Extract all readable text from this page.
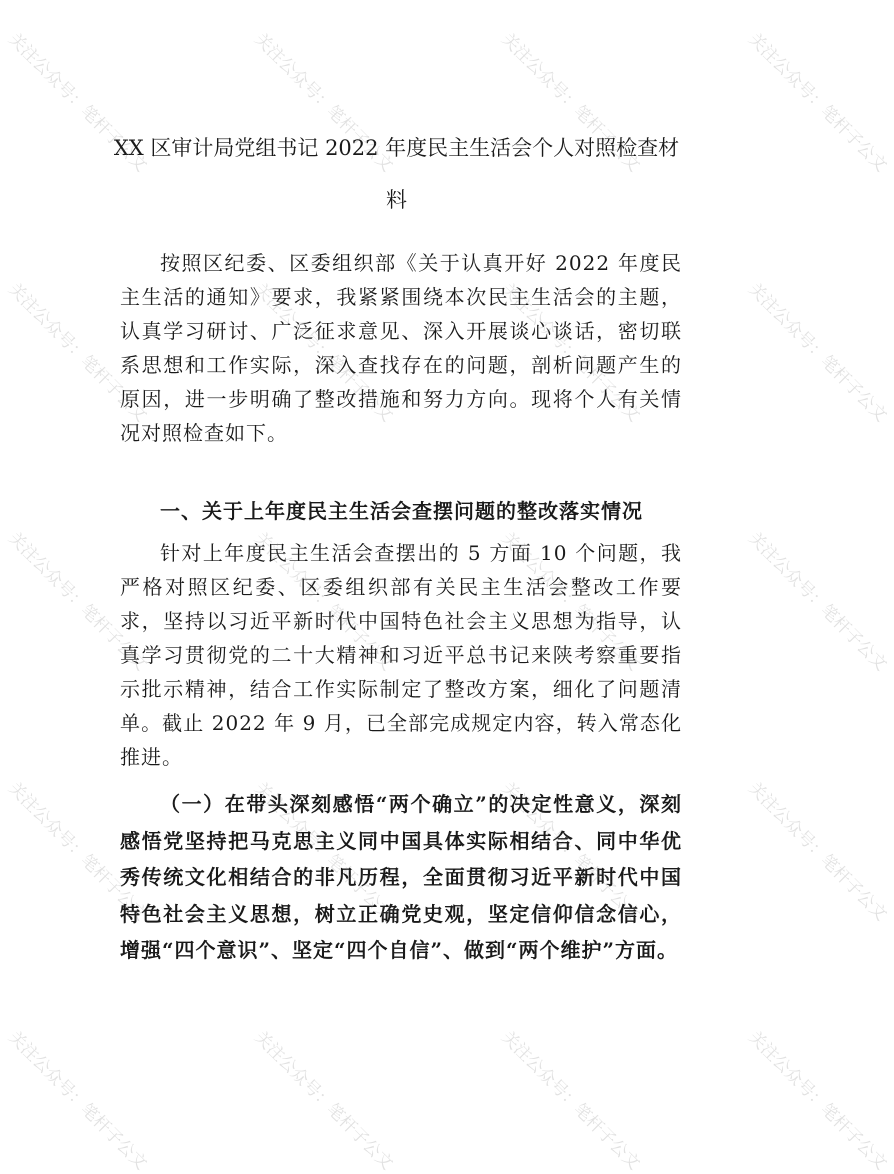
XX 区审计局党组书记 2022 年度民主生活会个人对照检查材料

按照区纪委、区委组织部《关于认真开好 2022 年度民主生活的通知》要求，我紧紧围绕本次民主生活会的主题，认真学习研讨、广泛征求意见、深入开展谈心谈话，密切联系思想和工作实际，深入查找存在的问题，剖析问题产生的原因，进一步明确了整改措施和努力方向。现将个人有关情况对照检查如下。

一、关于上年度民主生活会查摆问题的整改落实情况

针对上年度民主生活会查摆出的 5 方面 10 个问题，我严格对照区纪委、区委组织部有关民主生活会整改工作要求，坚持以习近平新时代中国特色社会主义思想为指导，认真学习贯彻党的二十大精神和习近平总书记来陕考察重要指示批示精神，结合工作实际制定了整改方案，细化了问题清单。截止 2022 年 9 月，已全部完成规定内容，转入常态化推进。

（一）在带头深刻感悟“两个确立”的决定性意义，深刻感悟党坚持把马克思主义同中国具体实际相结合、同中华优秀传统文化相结合的非凡历程，全面贯彻习近平新时代中国特色社会主义思想，树立正确党史观，坚定信仰信念信心，增强“四个意识”、坚定“四个自信”、做到“两个维护”方面。

关注公众号：笔杆子公文	关注公众号：笔杆子公文	关注公众号：笔杆子公文	关注公众号：笔杆子公文
关注公众号：笔杆子公文	关注公众号：笔杆子公文	关注公众号：笔杆子公文	关注公众号：笔杆子公文
关注公众号：笔杆子公文	关注公众号：笔杆子公文	关注公众号：笔杆子公文	关注公众号：笔杆子公文
关注公众号：笔杆子公文	关注公众号：笔杆子公文	关注公众号：笔杆子公文	关注公众号：笔杆子公文
关注公众号：笔杆子公文	关注公众号：笔杆子公文	关注公众号：笔杆子公文	关注公众号：笔杆子公文
